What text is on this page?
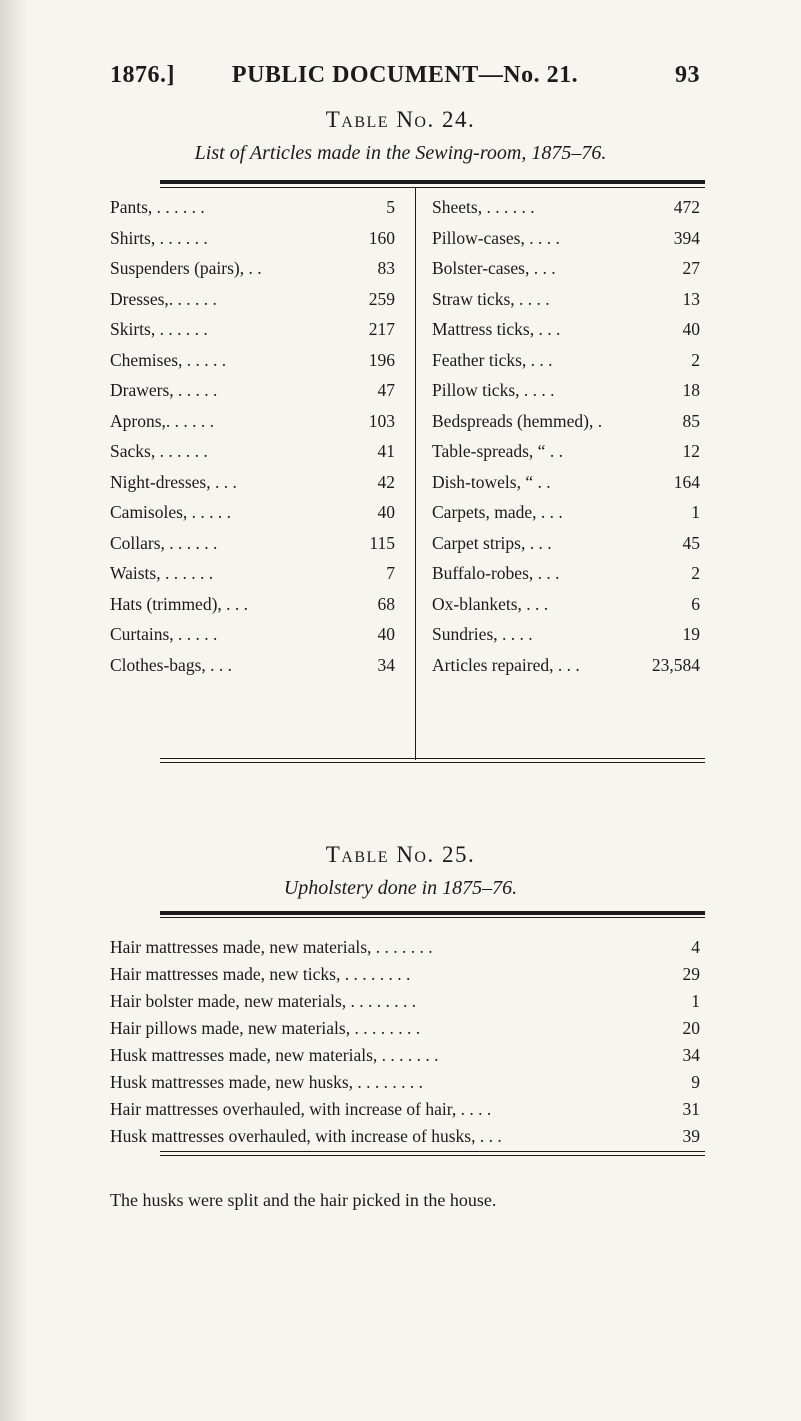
1876.]	PUBLIC DOCUMENT—No. 21.	93
Table No. 24.
List of Articles made in the Sewing-room, 1875–76.
Pants, . . . . . .	5
Shirts, . . . . . .	160
Suspenders (pairs), . .	83
Dresses,. . . . . .	259
Skirts, . . . . . .	217
Chemises, . . . . .	196
Drawers, . . . . .	47
Aprons,. . . . . .	103
Sacks, . . . . . .	41
Night-dresses, . . .	42
Camisoles, . . . . .	40
Collars, . . . . . .	115
Waists, . . . . . .	7
Hats (trimmed), . . .	68
Curtains, . . . . .	40
Clothes-bags, . . .	34
Sheets, . . . . . .	472
Pillow-cases, . . . .	394
Bolster-cases, . . .	27
Straw ticks, . . . .	13
Mattress ticks, . . .	40
Feather ticks, . . .	2
Pillow ticks, . . . .	18
Bedspreads (hemmed), .	85
Table-spreads, “ . .	12
Dish-towels, “ . .	164
Carpets, made, . . .	1
Carpet strips, . . .	45
Buffalo-robes, . . .	2
Ox-blankets, . . .	6
Sundries, . . . .	19
Articles repaired, . . .	23,584
Table No. 25.
Upholstery done in 1875–76.
Hair mattresses made, new materials, . . . . . . .	4
Hair mattresses made, new ticks, . . . . . . . .	29
Hair bolster made, new materials, . . . . . . . .	1
Hair pillows made, new materials, . . . . . . . .	20
Husk mattresses made, new materials, . . . . . . .	34
Husk mattresses made, new husks, . . . . . . . .	9
Hair mattresses overhauled, with increase of hair, . . . .	31
Husk mattresses overhauled, with increase of husks, . . .	39
The husks were split and the hair picked in the house.
